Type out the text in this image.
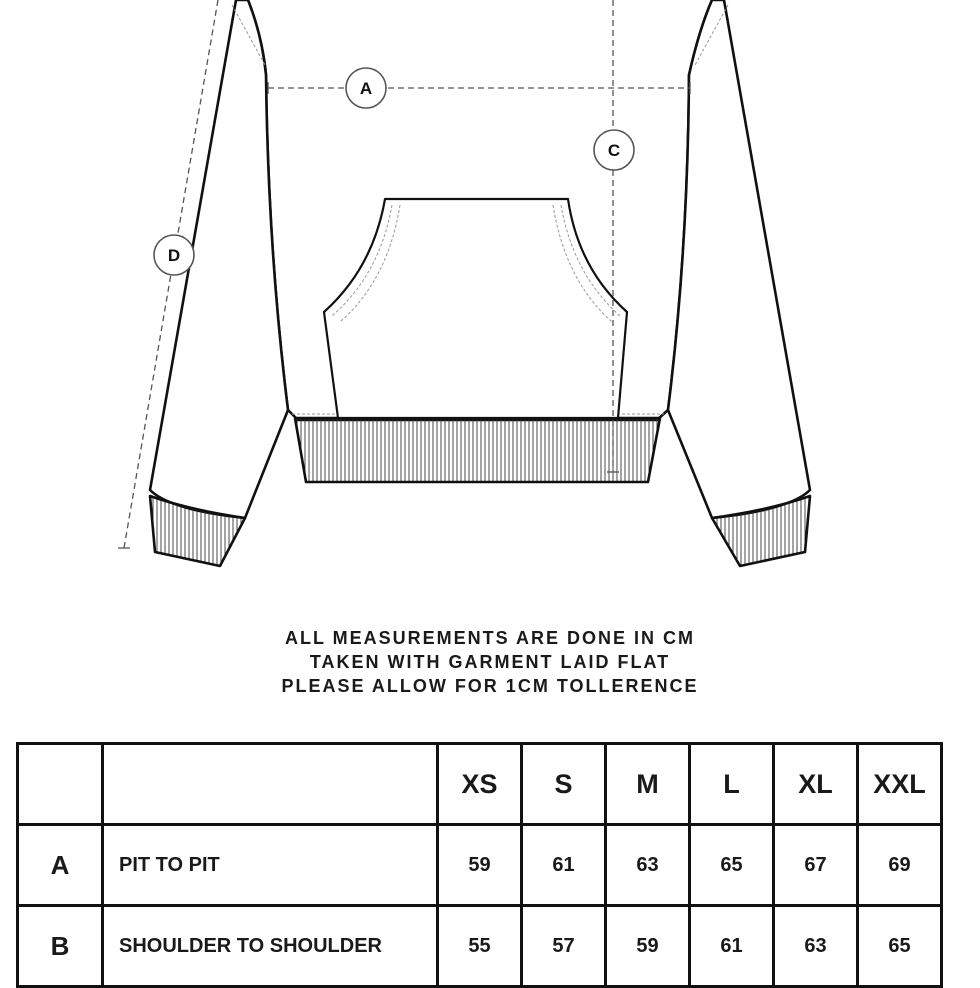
A
C
D
ALL MEASUREMENTS ARE DONE IN CM
TAKEN WITH GARMENT LAID FLAT
PLEASE ALLOW FOR 1CM TOLLERENCE
		XS	S	M	L	XL	XXL
A	PIT TO PIT	59	61	63	65	67	69
B	SHOULDER TO SHOULDER	55	57	59	61	63	65
